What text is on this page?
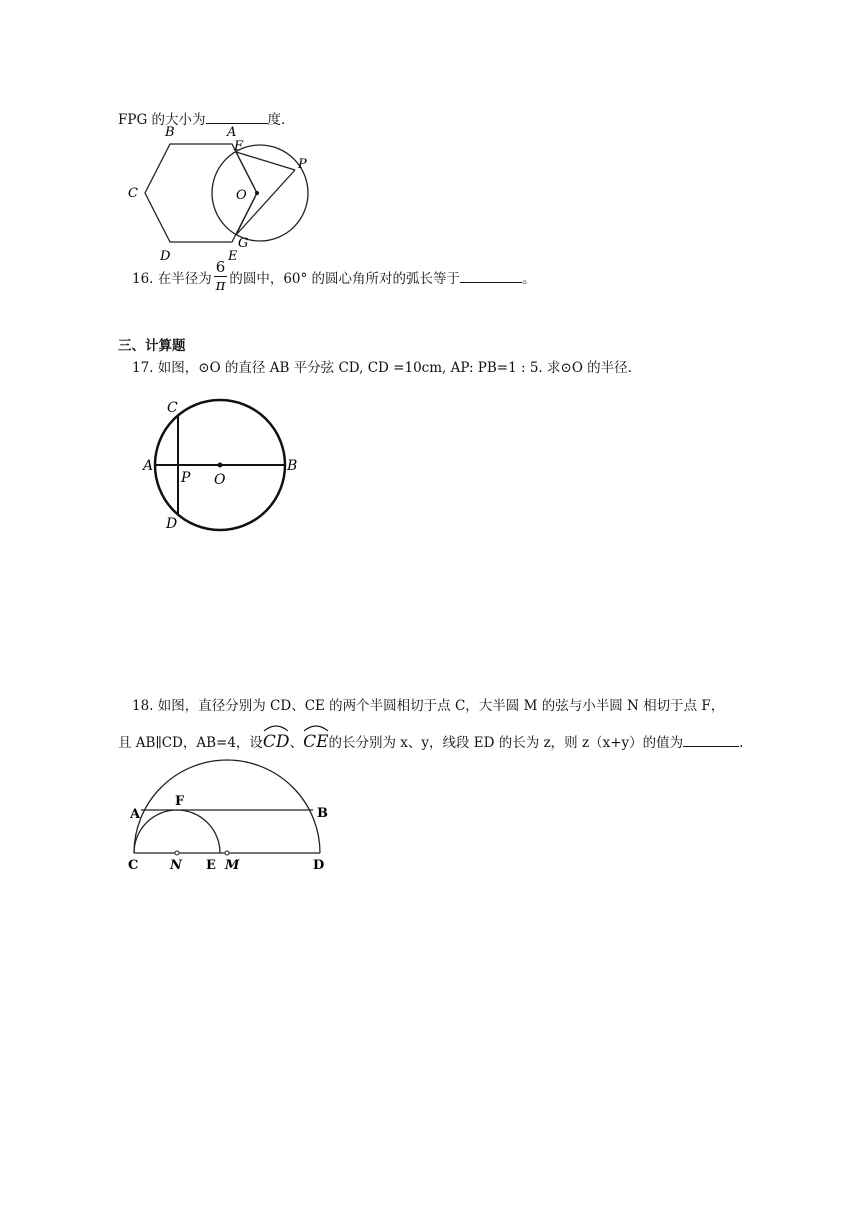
FPG 的大小为	度.
B	A
F
P
C	O
D	E
G
16. 在半径为 $\frac{6}{\pi}$ 的圆中，60° 的圆心角所对的弧长等于	。
三、计算题
17. 如图，⊙O 的直径 AB 平分弦 CD, CD =10cm, AP: PB=1 : 5. 求⊙O 的半径.
C
A	B
P O
D
18. 如图，直径分别为 CD、CE 的两个半圆相切于点 C，大半圆 M 的弦与小半圆 N 相切于点 F，
且 AB∥CD，AB=4，设
CD、
CE的长分别为 x、y，线段 ED 的长为 z，则 z（x+y）的值为	.
A
F
B
C N E M	D
